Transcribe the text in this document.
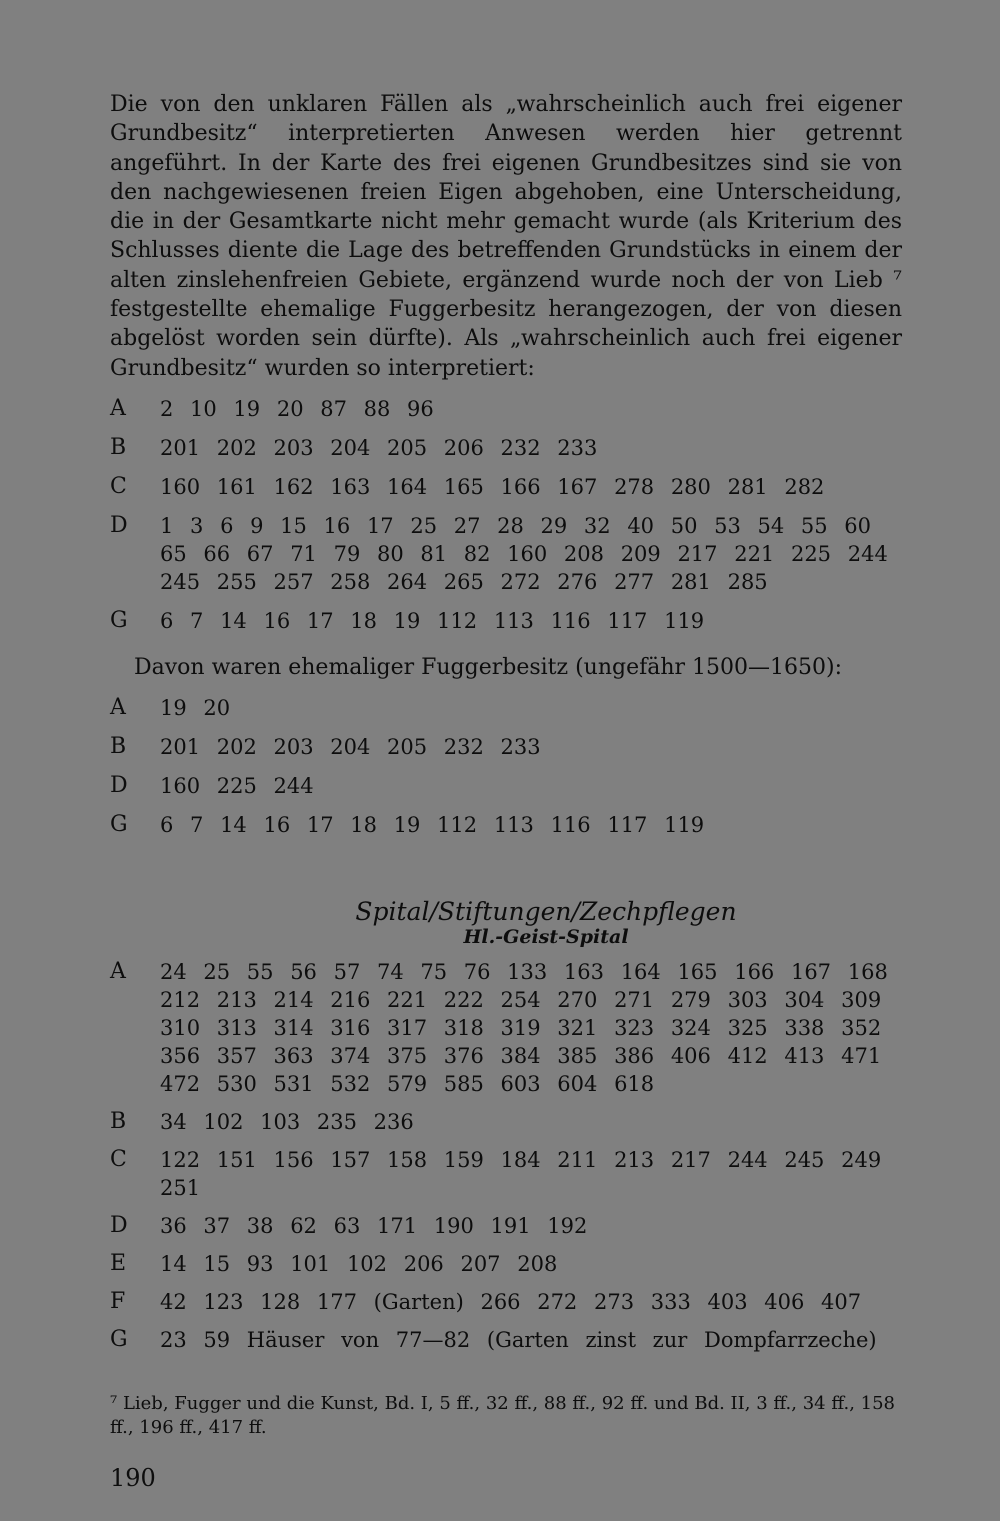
Die von den unklaren Fällen als „wahrscheinlich auch frei eigener Grundbesitz“ interpretierten Anwesen werden hier getrennt angeführt. In der Karte des frei eigenen Grundbesitzes sind sie von den nachgewiesenen freien Eigen abgehoben, eine Unterscheidung, die in der Gesamtkarte nicht mehr gemacht wurde (als Kriterium des Schlusses diente die Lage des betreffenden Grundstücks in einem der alten zinslehenfreien Gebiete, ergänzend wurde noch der von Lieb ⁷ festgestellte ehemalige Fuggerbesitz herangezogen, der von diesen abgelöst worden sein dürfte). Als „wahrscheinlich auch frei eigener Grundbesitz“ wurden so interpretiert:

A	2 10 19 20 87 88 96
B	201 202 203 204 205 206 232 233
C	160 161 162 163 164 165 166 167 278 280 281 282
D	1 3 6 9 15 16 17 25 27 28 29 32 40 50 53 54 55 60 65 66 67 71 79 80 81 82 160 208 209 217 221 225 244 245 255 257 258 264 265 272 276 277 281 285
G	6 7 14 16 17 18 19 112 113 116 117 119

Davon waren ehemaliger Fuggerbesitz (ungefähr 1500—1650):

A	19 20
B	201 202 203 204 205 232 233
D	160 225 244
G	6 7 14 16 17 18 19 112 113 116 117 119

Spital/Stiftungen/Zechpflegen

Hl.-Geist-Spital

A	24 25 55 56 57 74 75 76 133 163 164 165 166 167 168 212 213 214 216 221 222 254 270 271 279 303 304 309 310 313 314 316 317 318 319 321 323 324 325 338 352 356 357 363 374 375 376 384 385 386 406 412 413 471 472 530 531 532 579 585 603 604 618
B	34 102 103 235 236
C	122 151 156 157 158 159 184 211 213 217 244 245 249 251
D	36 37 38 62 63 171 190 191 192
E	14 15 93 101 102 206 207 208
F	42 123 128 177 (Garten) 266 272 273 333 403 406 407
G	23 59 Häuser von 77—82 (Garten zinst zur Dompfarrzeche)

⁷ Lieb, Fugger und die Kunst, Bd. I, 5 ff., 32 ff., 88 ff., 92 ff. und Bd. II, 3 ff., 34 ff., 158 ff., 196 ff., 417 ff.

190
